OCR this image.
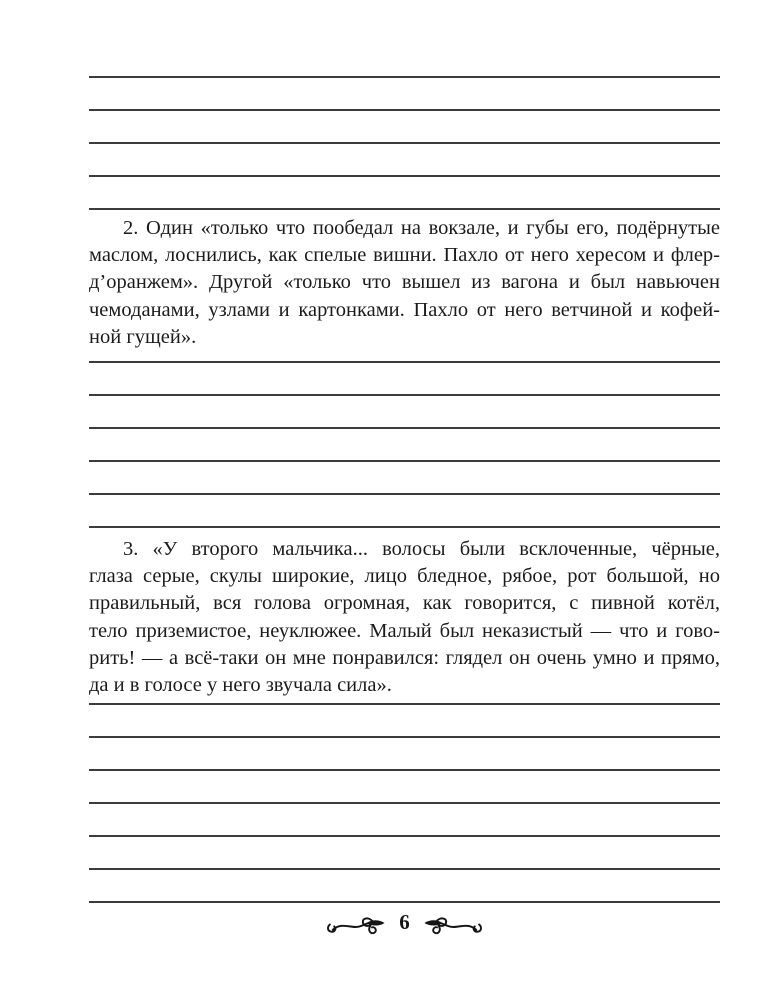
2. Один «только что пообедал на вокзале, и губы его, подёрнутые
маслом, лоснились, как спелые вишни. Пахло от него хересом и флер-
д’оранжем». Другой «только что вышел из вагона и был навьючен
чемоданами, узлами и картонками. Пахло от него ветчиной и кофей-
ной гущей».
3. «У второго мальчика... волосы были всклоченные, чёрные,
глаза серые, скулы широкие, лицо бледное, рябое, рот большой, но
правильный, вся голова огромная, как говорится, с пивной котёл,
тело приземистое, неуклюжее. Малый был неказистый — что и гово-
рить! — а всё-таки он мне понравился: глядел он очень умно и прямо,
да и в голосе у него звучала сила».
6
